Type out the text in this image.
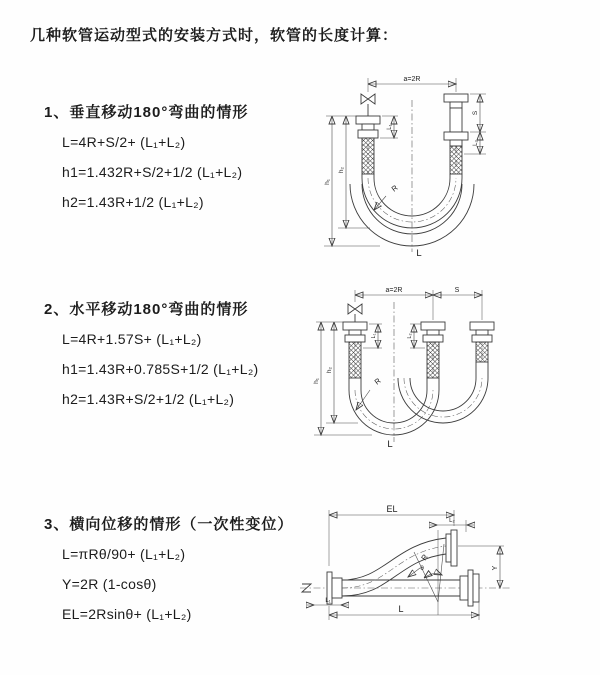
几种软管运动型式的安装方式时，软管的长度计算：
1、垂直移动180°弯曲的情形
L=4R+S/2+ (L₁+L₂)
h1=1.432R+S/2+1/2 (L₁+L₂)
h2=1.43R+1/2 (L₁+L₂)
2、水平移动180°弯曲的情形
L=4R+1.57S+ (L₁+L₂)
h1=1.43R+0.785S+1/2 (L₁+L₂)
h2=1.43R+S/2+1/2 (L₁+L₂)
3、横向位移的情形（一次性变位）
L=πRθ/90+ (L₁+L₂)
Y=2R (1-cosθ)
EL=2Rsinθ+ (L₁+L₂)
a=2R
L₁
S
L₂
h₂
h₁
R
L
a=2R	S
L₁	L₂
h₂
h₁	R
L
EL
L₂
Y
L
L₁
R
θ
